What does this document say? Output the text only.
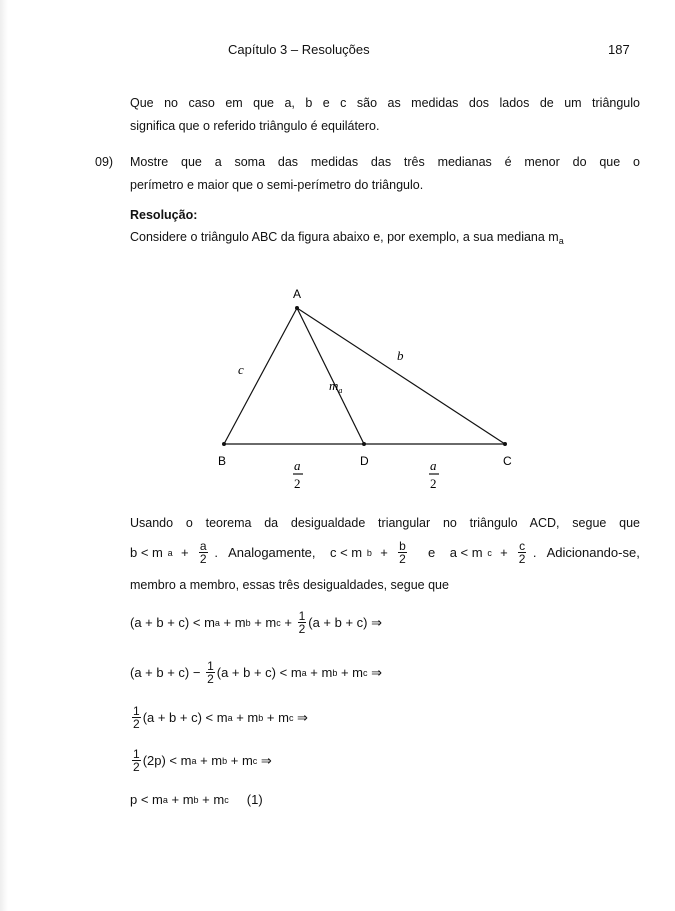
Capítulo 3 – Resoluções	187
Que no caso em que a, b e c são as medidas dos lados de um triângulo
significa que o referido triângulo é equilátero.
09) Mostre que a soma das medidas das três medianas é menor do que o
perímetro e maior que o semi-perímetro do triângulo.
Resolução:
Considere o triângulo ABC da figura abaixo e, por exemplo, a sua mediana $m_a$
A
B	D	C
b
c
$m_a$
a	a
2	2
Usando o teorema da desigualdade triangular no triângulo ACD, segue que
b < m $a + \frac{a}{2}$ .   Analogamente,    c < m $b + \frac{b}{2}$ e    a < m $c + \frac{c}{2}$ .   Adicionando-se,
membro a membro, essas três desigualdades, segue que
(a + b + c) < m a + m b + m $c + \frac{1}{2} (a + b + c)$ ⇒
$(a + b + c) - \frac{1}{2} (a + b + c) < m$ a + m b + m c ⇒
$\frac{1}{2} (a + b + c) < m$ a + m b + m c ⇒
$\frac{1}{2} (2p) < m$ a + m b + m c ⇒
p < m a + m b + m c (1)
